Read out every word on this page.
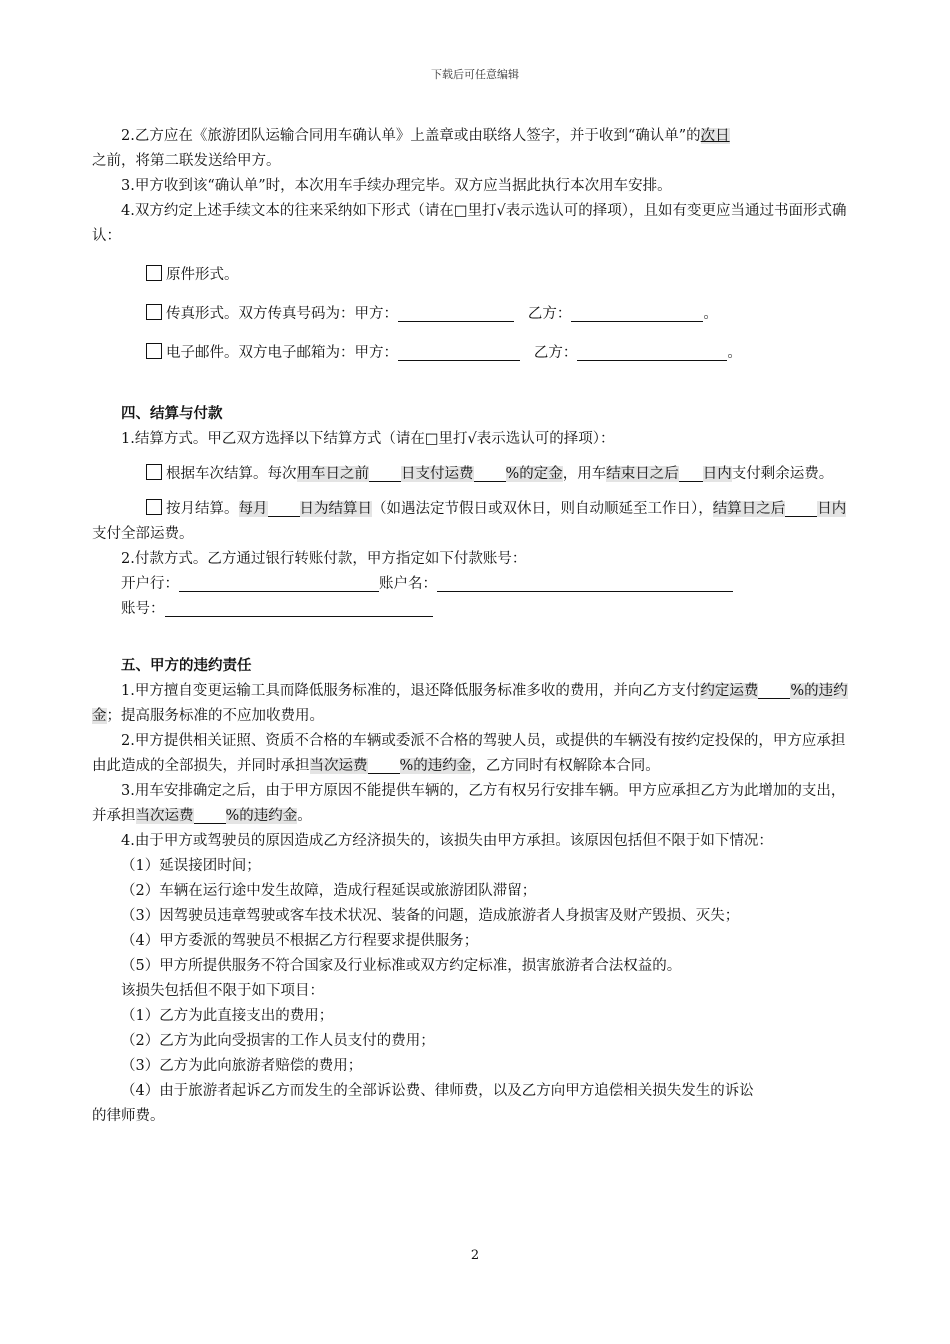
下载后可任意编辑

2.乙方应在《旅游团队运输合同用车确认单》上盖章或由联络人签字，并于收到“确认单”的次日
之前，将第二联发送给甲方。

3.甲方收到该“确认单”时，本次用车手续办理完毕。双方应当据此执行本次用车安排。

4.双方约定上述手续文本的往来采纳如下形式（请在□里打√表示选认可的择项），且如有变更应当通过书面形式确认：

原件形式。

传真形式。双方传真号码为：甲方：	乙方：	。

电子邮件。双方电子邮箱为：甲方：	乙方：	。

四、结算与付款

1.结算方式。甲乙双方选择以下结算方式（请在□里打√表示选认可的择项）：

根据车次结算。每次用车日之前 日支付运费 %的定金，用车结束日之后 日内支付剩余运费。

按月结算。每月 日为结算日（如遇法定节假日或双休日，则自动顺延至工作日），结算日之后 日内支付全部运费。

2.付款方式。乙方通过银行转账付款，甲方指定如下付款账号：

开户行：	账户名：

账号：

五、甲方的违约责任

1.甲方擅自变更运输工具而降低服务标准的，退还降低服务标准多收的费用，并向乙方支付约定运费 %的违约金；提高服务标准的不应加收费用。

2.甲方提供相关证照、资质不合格的车辆或委派不合格的驾驶人员，或提供的车辆没有按约定投保的，甲方应承担由此造成的全部损失，并同时承担当次运费 %的违约金，乙方同时有权解除本合同。

3.用车安排确定之后，由于甲方原因不能提供车辆的，乙方有权另行安排车辆。甲方应承担乙方为此增加的支出，并承担当次运费 %的违约金。

4.由于甲方或驾驶员的原因造成乙方经济损失的，该损失由甲方承担。该原因包括但不限于如下情况：

（1）延误接团时间；

（2）车辆在运行途中发生故障，造成行程延误或旅游团队滞留；

（3）因驾驶员违章驾驶或客车技术状况、装备的问题，造成旅游者人身损害及财产毁损、灭失；

（4）甲方委派的驾驶员不根据乙方行程要求提供服务；

（5）甲方所提供服务不符合国家及行业标准或双方约定标准，损害旅游者合法权益的。

该损失包括但不限于如下项目：

（1）乙方为此直接支出的费用；

（2）乙方为此向受损害的工作人员支付的费用；

（3）乙方为此向旅游者赔偿的费用；

（4）由于旅游者起诉乙方而发生的全部诉讼费、律师费，以及乙方向甲方追偿相关损失发生的诉讼
的律师费。

2
